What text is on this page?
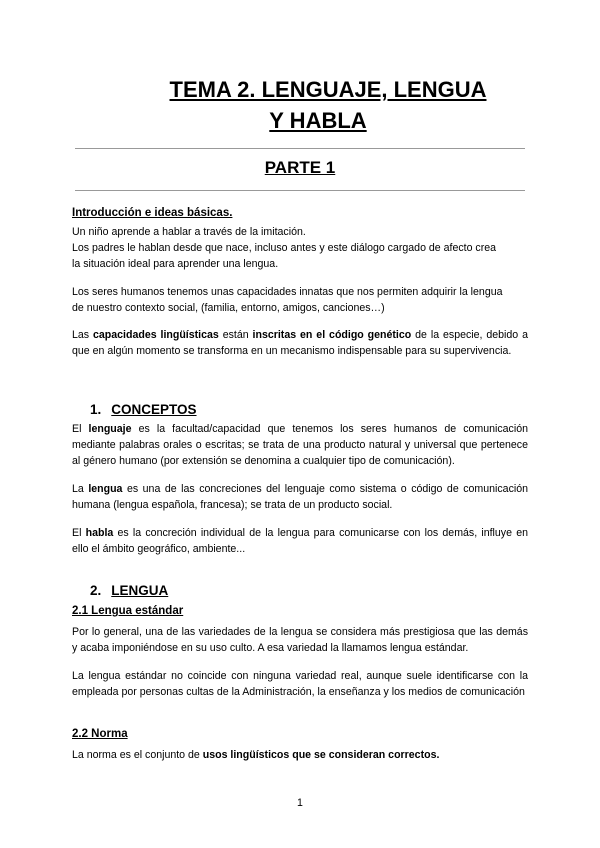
TEMA 2. LENGUAJE, LENGUA
Y HABLA
PARTE 1
Introducción e ideas básicas.

Un niño aprende a hablar a través de la imitación.

Los padres le hablan desde que nace, incluso antes y este diálogo cargado de afecto crea

la situación ideal para aprender una lengua.

Los seres humanos tenemos unas capacidades innatas que nos permiten adquirir la lengua

de nuestro contexto social, (familia, entorno, amigos, canciones…)

Las capacidades lingüísticas están inscritas en el código genético de la especie, debido a que en algún momento se transforma en un mecanismo indispensable para su supervivencia.
1. CONCEPTOS
El lenguaje es la facultad/capacidad que tenemos los seres humanos de comunicación mediante palabras orales o escritas; se trata de una producto natural y universal que pertenece al género humano (por extensión se denomina a cualquier tipo de comunicación).
La lengua es una de las concreciones del lenguaje como sistema o código de comunicación humana (lengua española, francesa); se trata de un producto social.
El habla es la concreción individual de la lengua para comunicarse con los demás, influye en ello el ámbito geográfico, ambiente...
2. LENGUA
2.1 Lengua estándar
Por lo general, una de las variedades de la lengua se considera más prestigiosa que las demás y acaba imponiéndose en su uso culto. A esa variedad la llamamos lengua estándar.
La lengua estándar no coincide con ninguna variedad real, aunque suele identificarse con la empleada por personas cultas de la Administración, la enseñanza y los medios de comunicación
2.2 Norma
La norma es el conjunto de usos lingüísticos que se consideran correctos.
1
